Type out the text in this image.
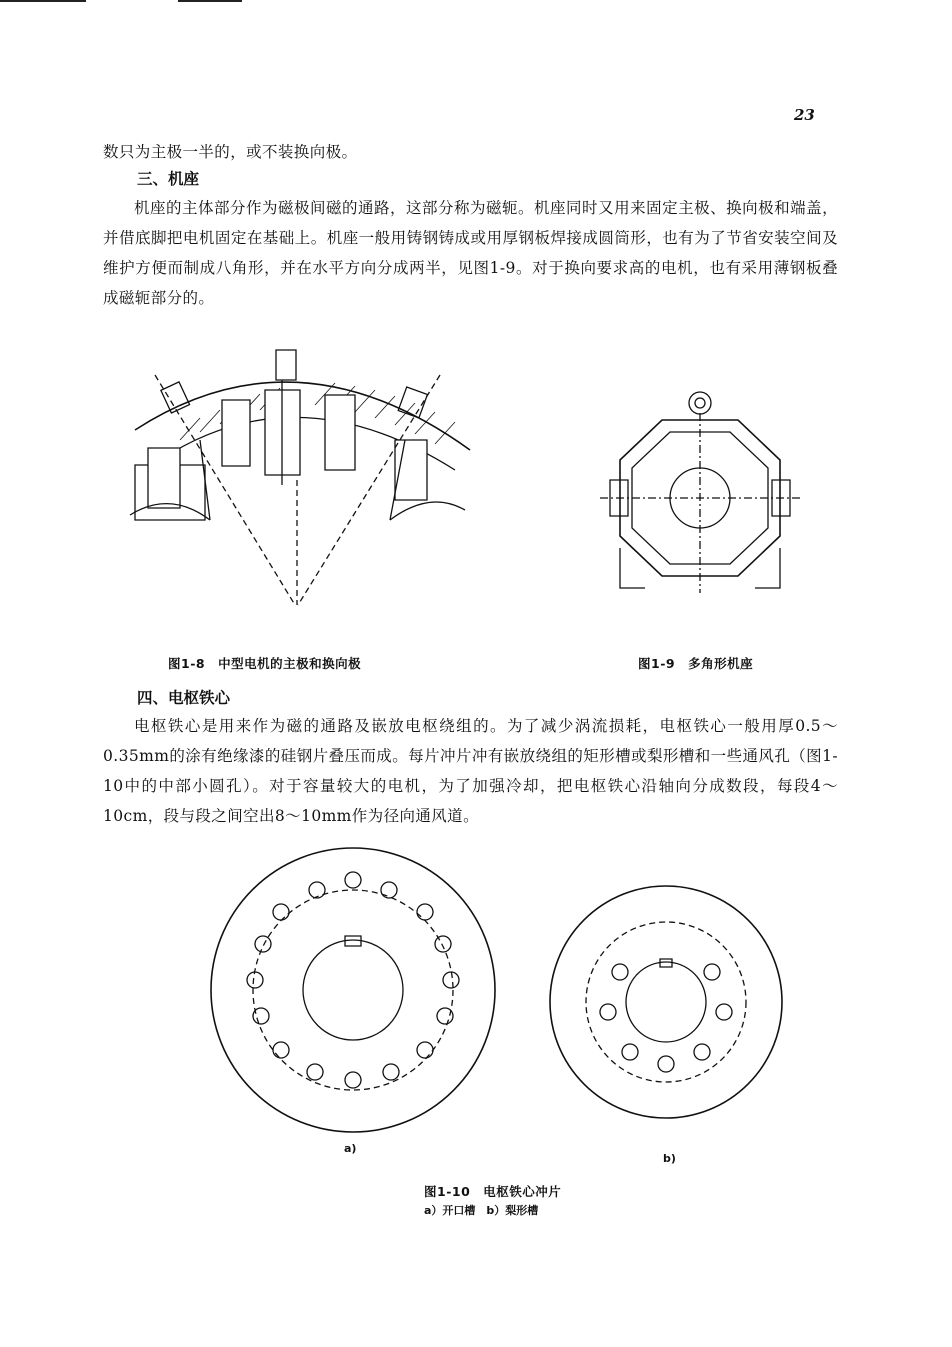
23
数只为主极一半的，或不装换向极。
三、机座
机座的主体部分作为磁极间磁的通路，这部分称为磁轭。机座同时又用来固定主极、换向极和端盖，并借底脚把电机固定在基础上。机座一般用铸钢铸成或用厚钢板焊接成圆筒形，也有为了节省安装空间及维护方便而制成八角形，并在水平方向分成两半，见图1-9。对于换向要求高的电机，也有采用薄钢板叠成磁轭部分的。
图1-8　中型电机的主极和换向极	图1-9　多角形机座
四、电枢铁心
电枢铁心是用来作为磁的通路及嵌放电枢绕组的。为了减少涡流损耗，电枢铁心一般用厚0.5～0.35mm的涂有绝缘漆的硅钢片叠压而成。每片冲片冲有嵌放绕组的矩形槽或梨形槽和一些通风孔（图1-10中的中部小圆孔）。对于容量较大的电机，为了加强冷却，把电枢铁心沿轴向分成数段，每段4～10cm，段与段之间空出8～10mm作为径向通风道。
a)
b)
图1-10　电枢铁心冲片
a）开口槽　b）梨形槽
